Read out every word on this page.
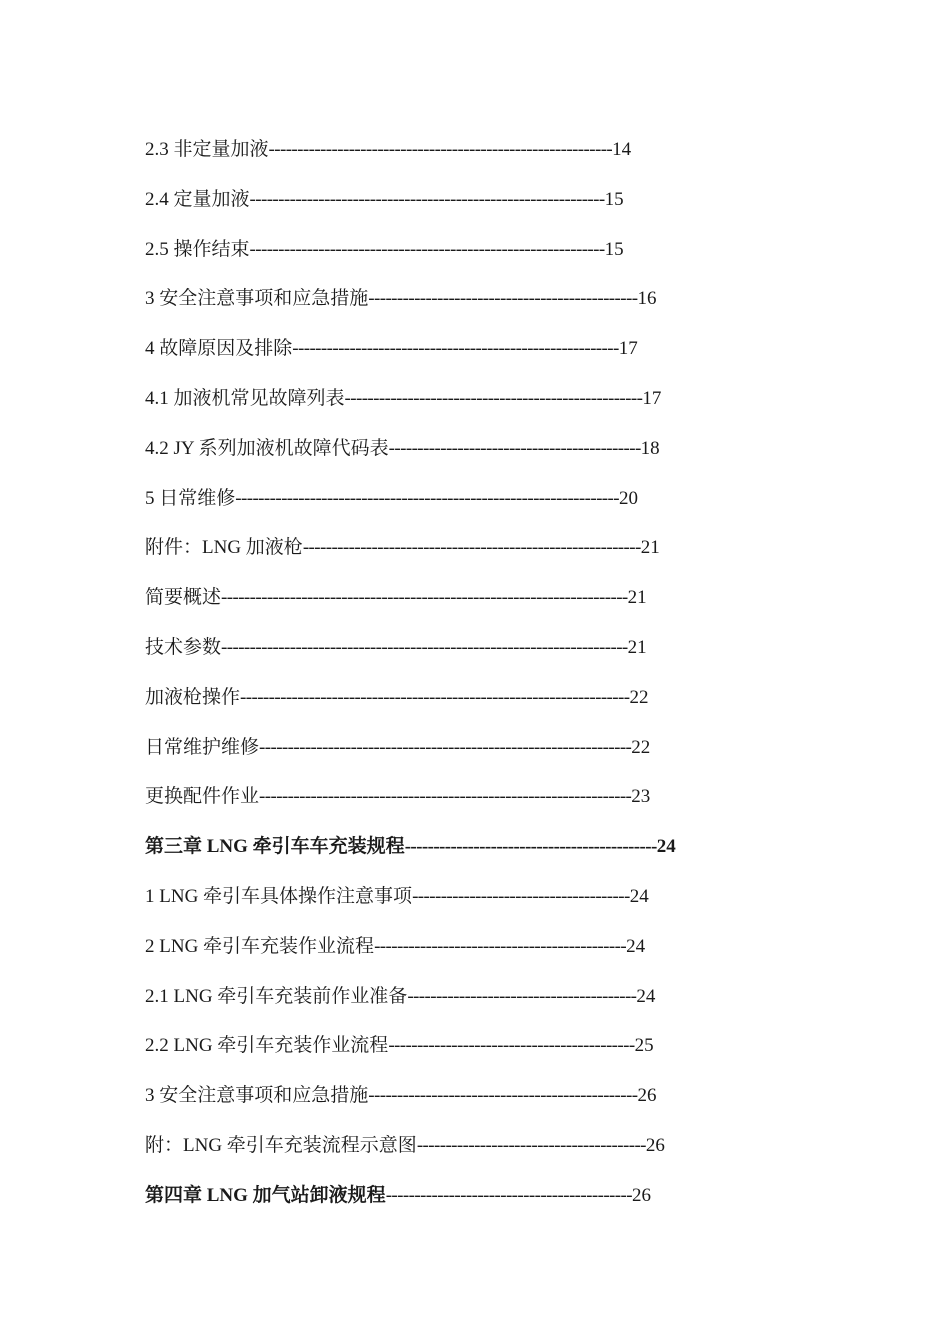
2.3 非定量加液------------------------------------------------------------14
2.4 定量加液--------------------------------------------------------------15
2.5 操作结束--------------------------------------------------------------15
3 安全注意事项和应急措施-----------------------------------------------16
4 故障原因及排除---------------------------------------------------------17
4.1 加液机常见故障列表----------------------------------------------------17
4.2 JY 系列加液机故障代码表--------------------------------------------18
5 日常维修-------------------------------------------------------------------20
附件：LNG 加液枪-----------------------------------------------------------21
简要概述-----------------------------------------------------------------------21
技术参数-----------------------------------------------------------------------21
加液枪操作--------------------------------------------------------------------22
日常维护维修-----------------------------------------------------------------22
更换配件作业-----------------------------------------------------------------23
第三章 LNG 牵引车车充装规程--------------------------------------------24
1 LNG 牵引车具体操作注意事项--------------------------------------24
2 LNG 牵引车充装作业流程--------------------------------------------24
2.1 LNG 牵引车充装前作业准备----------------------------------------24
2.2 LNG 牵引车充装作业流程-------------------------------------------25
3 安全注意事项和应急措施-----------------------------------------------26
附：LNG 牵引车充装流程示意图----------------------------------------26
第四章 LNG 加气站卸液规程-------------------------------------------26
